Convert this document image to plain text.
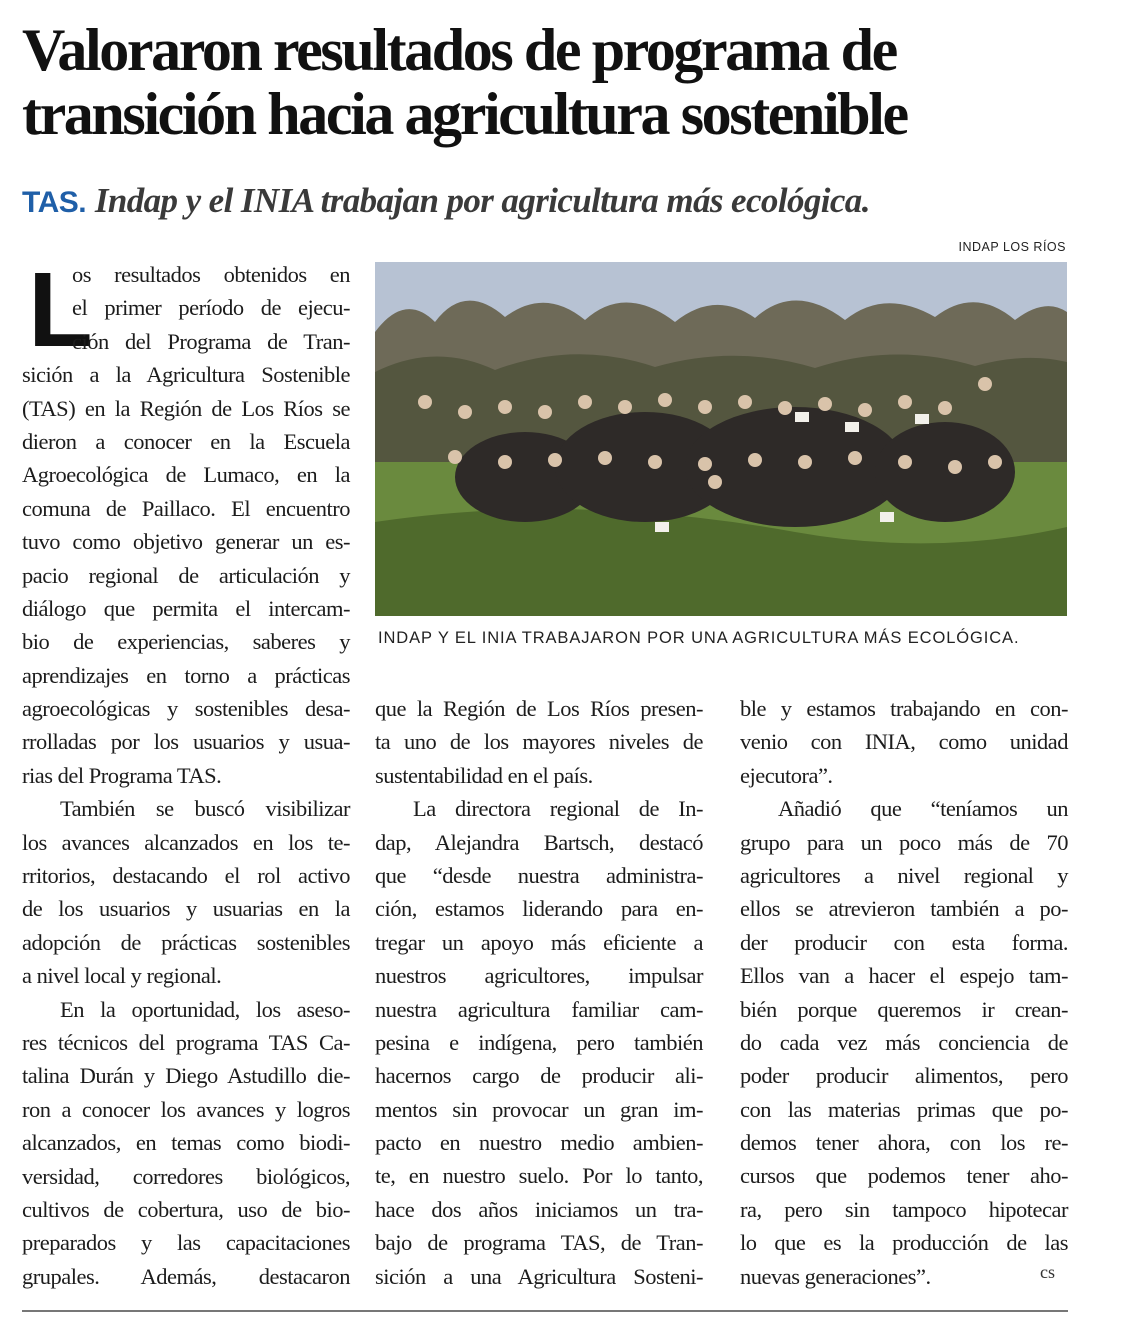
Valoraron resultados de programa de
transición hacia agricultura sostenible

TAS. Indap y el INIA trabajan por agricultura más ecológica.

INDAP LOS RÍOS
INDAP Y EL INIA TRABAJARON POR UNA AGRICULTURA MÁS ECOLÓGICA.
L
os resultados obtenidos en
el primer período de ejecu-
ción del Programa de Tran-
sición a la Agricultura Sostenible
(TAS) en la Región de Los Ríos se
dieron a conocer en la Escuela
Agroecológica de Lumaco, en la
comuna de Paillaco. El encuentro
tuvo como objetivo generar un es-
pacio regional de articulación y
diálogo que permita el intercam-
bio de experiencias, saberes y
aprendizajes en torno a prácticas
agroecológicas y sostenibles desa-
rrolladas por los usuarios y usua-
rias del Programa TAS.
También se buscó visibilizar
los avances alcanzados en los te-
rritorios, destacando el rol activo
de los usuarios y usuarias en la
adopción de prácticas sostenibles
a nivel local y regional.
En la oportunidad, los aseso-
res técnicos del programa TAS Ca-
talina Durán y Diego Astudillo die-
ron a conocer los avances y logros
alcanzados, en temas como biodi-
versidad, corredores biológicos,
cultivos de cobertura, uso de bio-
preparados y las capacitaciones
grupales. Además, destacaron
que la Región de Los Ríos presen-
ta uno de los mayores niveles de
sustentabilidad en el país.
La directora regional de In-
dap, Alejandra Bartsch, destacó
que “desde nuestra administra-
ción, estamos liderando para en-
tregar un apoyo más eficiente a
nuestros agricultores, impulsar
nuestra agricultura familiar cam-
pesina e indígena, pero también
hacernos cargo de producir ali-
mentos sin provocar un gran im-
pacto en nuestro medio ambien-
te, en nuestro suelo. Por lo tanto,
hace dos años iniciamos un tra-
bajo de programa TAS, de Tran-
sición a una Agricultura Sosteni-
ble y estamos trabajando en con-
venio con INIA, como unidad
ejecutora”.
Añadió que “teníamos un
grupo para un poco más de 70
agricultores a nivel regional y
ellos se atrevieron también a po-
der producir con esta forma.
Ellos van a hacer el espejo tam-
bién porque queremos ir crean-
do cada vez más conciencia de
poder producir alimentos, pero
con las materias primas que po-
demos tener ahora, con los re-
cursos que podemos tener aho-
ra, pero sin tampoco hipotecar
lo que es la producción de las
nuevas generaciones”.	cs
